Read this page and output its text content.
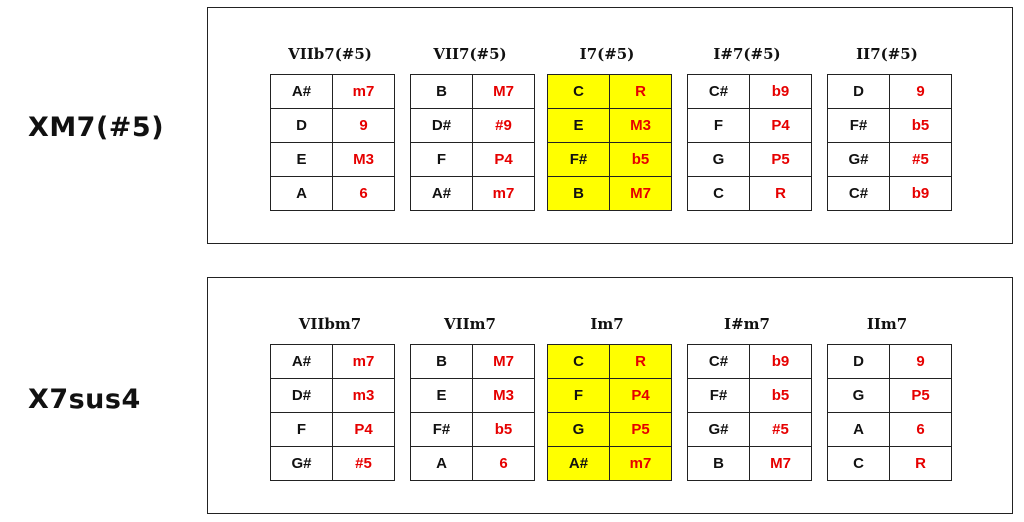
XM7(#5)
VIIb7(#5)
A#	m7
D	9
E	M3
A	6
VII7(#5)
B	M7
D#	#9
F	P4
A#	m7
I7(#5)
C	R
E	M3
F#	b5
B	M7
I#7(#5)
C#	b9
F	P4
G	P5
C	R
II7(#5)
D	9
F#	b5
G#	#5
C#	b9
X7sus4
VIIbm7
A#	m7
D#	m3
F	P4
G#	#5
VIIm7
B	M7
E	M3
F#	b5
A	6
Im7
C	R
F	P4
G	P5
A#	m7
I#m7
C#	b9
F#	b5
G#	#5
B	M7
IIm7
D	9
G	P5
A	6
C	R
